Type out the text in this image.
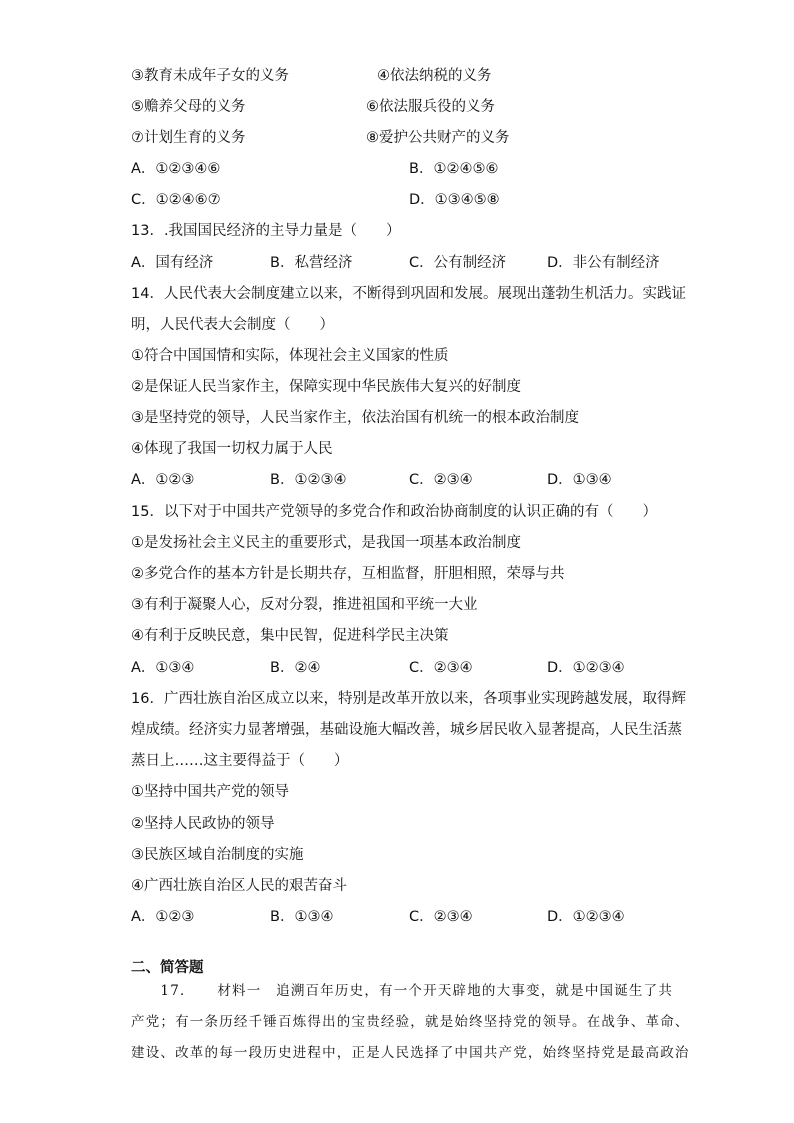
③教育未成年子女的义务	④依法纳税的义务
⑤赡养父母的义务	⑥依法服兵役的义务
⑦计划生育的义务	⑧爱护公共财产的义务
A．①②③④⑥	B．①②④⑤⑥
C．①②④⑥⑦	D．①③④⑤⑧
13．.我国国民经济的主导力量是（　　）
A．国有经济	B．私营经济	C．公有制经济	D．非公有制经济
14．人民代表大会制度建立以来，不断得到巩固和发展。展现出蓬勃生机活力。实践证
明，人民代表大会制度（　　）
①符合中国国情和实际，体现社会主义国家的性质
②是保证人民当家作主，保障实现中华民族伟大复兴的好制度
③是坚持党的领导，人民当家作主，依法治国有机统一的根本政治制度
④体现了我国一切权力属于人民
A．①②③	B．①②③④	C．②③④	D．①③④
15．以下对于中国共产党领导的多党合作和政治协商制度的认识正确的有（　　）
①是发扬社会主义民主的重要形式，是我国一项基本政治制度
②多党合作的基本方针是长期共存，互相监督，肝胆相照，荣辱与共
③有利于凝聚人心，反对分裂，推进祖国和平统一大业
④有利于反映民意，集中民智，促进科学民主决策
A．①③④	B．②④	C．②③④	D．①②③④
16．广西壮族自治区成立以来，特别是改革开放以来，各项事业实现跨越发展，取得辉
煌成绩。经济实力显著增强，基础设施大幅改善，城乡居民收入显著提高，人民生活蒸
蒸日上……这主要得益于（　　）
①坚持中国共产党的领导
②坚持人民政协的领导
③民族区域自治制度的实施
④广西壮族自治区人民的艰苦奋斗
A．①②③	B．①③④	C．②③④	D．①②③④
二、简答题
　　17．　　材料一　追溯百年历史，有一个开天辟地的大事变，就是中国诞生了共
产党；有一条历经千锤百炼得出的宝贵经验，就是始终坚持党的领导。在战争、革命、
建设、改革的每一段历史进程中，正是人民选择了中国共产党，始终坚持党是最高政治
